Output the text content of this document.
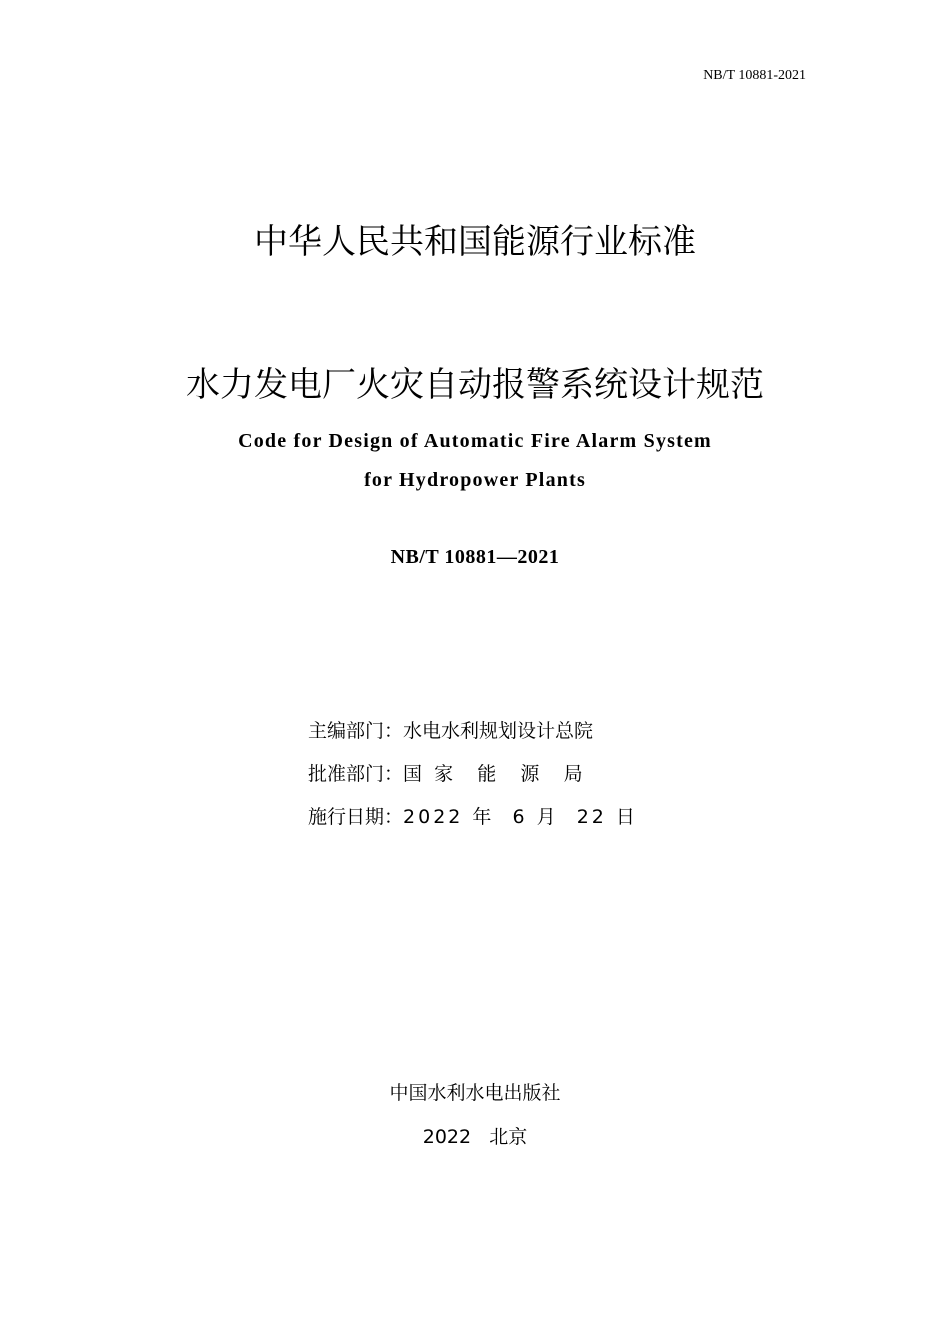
NB/T 10881-2021
中华人民共和国能源行业标准
水力发电厂火灾自动报警系统设计规范
Code for Design of Automatic Fire Alarm System
for Hydropower Plants
NB/T 10881—2021
主编部门：水电水利规划设计总院
批准部门：国  家    能    源    局
施行日期：2022 年  6 月  22 日
中国水利水电出版社
2022   北京
